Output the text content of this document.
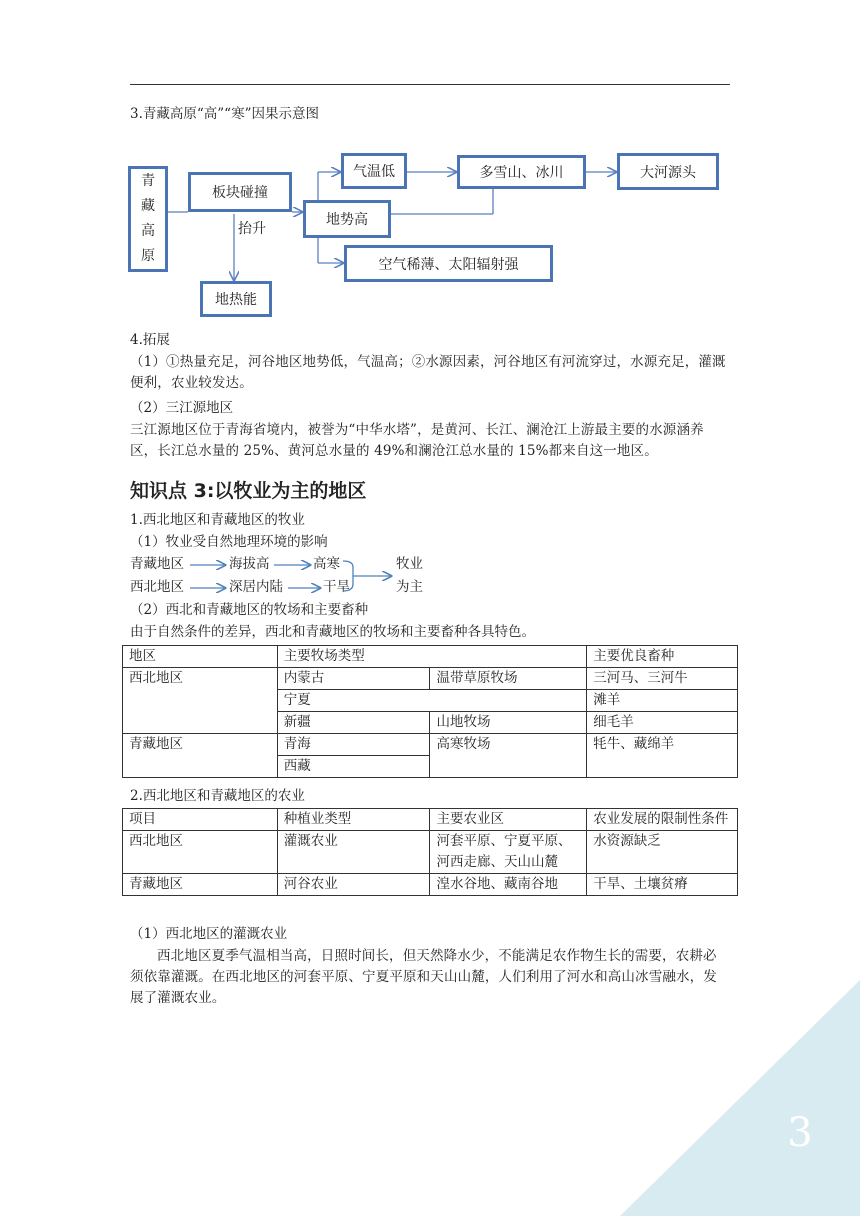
3.青藏高原“高”“寒”因果示意图
青
藏
高
原
板块碰撞
抬升
地热能
地势高
气温低	多雪山、冰川	大河源头
空气稀薄、太阳辐射强
4.拓展
（1）①热量充足，河谷地区地势低，气温高；②水源因素，河谷地区有河流穿过，水源充足，灌溉便利，农业较发达。
（2）三江源地区
三江源地区位于青海省境内，被誉为“中华水塔”，是黄河、长江、澜沧江上游最主要的水源涵养区，长江总水量的 25%、黄河总水量的 49%和澜沧江总水量的 15%都来自这一地区。
知识点 3:以牧业为主的地区
1.西北地区和青藏地区的牧业
（1）牧业受自然地理环境的影响
青藏地区	海拔高	高寒
西北地区	深居内陆	干旱
牧业
为主
（2）西北和青藏地区的牧场和主要畜种
由于自然条件的差异，西北和青藏地区的牧场和主要畜种各具特色。
地区	主要牧场类型		主要优良畜种
西北地区	内蒙古	温带草原牧场	三河马、三河牛
	宁夏		滩羊
	新疆	山地牧场	细毛羊
青藏地区	青海	高寒牧场	牦牛、藏绵羊
	西藏		
2.西北地区和青藏地区的农业
项目	种植业类型	主要农业区	农业发展的限制性条件
西北地区	灌溉农业	河套平原、宁夏平原、河西走廊、天山山麓	水资源缺乏
青藏地区	河谷农业	湟水谷地、藏南谷地	干旱、土壤贫瘠
（1）西北地区的灌溉农业
西北地区夏季气温相当高，日照时间长，但天然降水少，不能满足农作物生长的需要，农耕必须依靠灌溉。在西北地区的河套平原、宁夏平原和天山山麓，人们利用了河水和高山冰雪融水，发展了灌溉农业。
3
